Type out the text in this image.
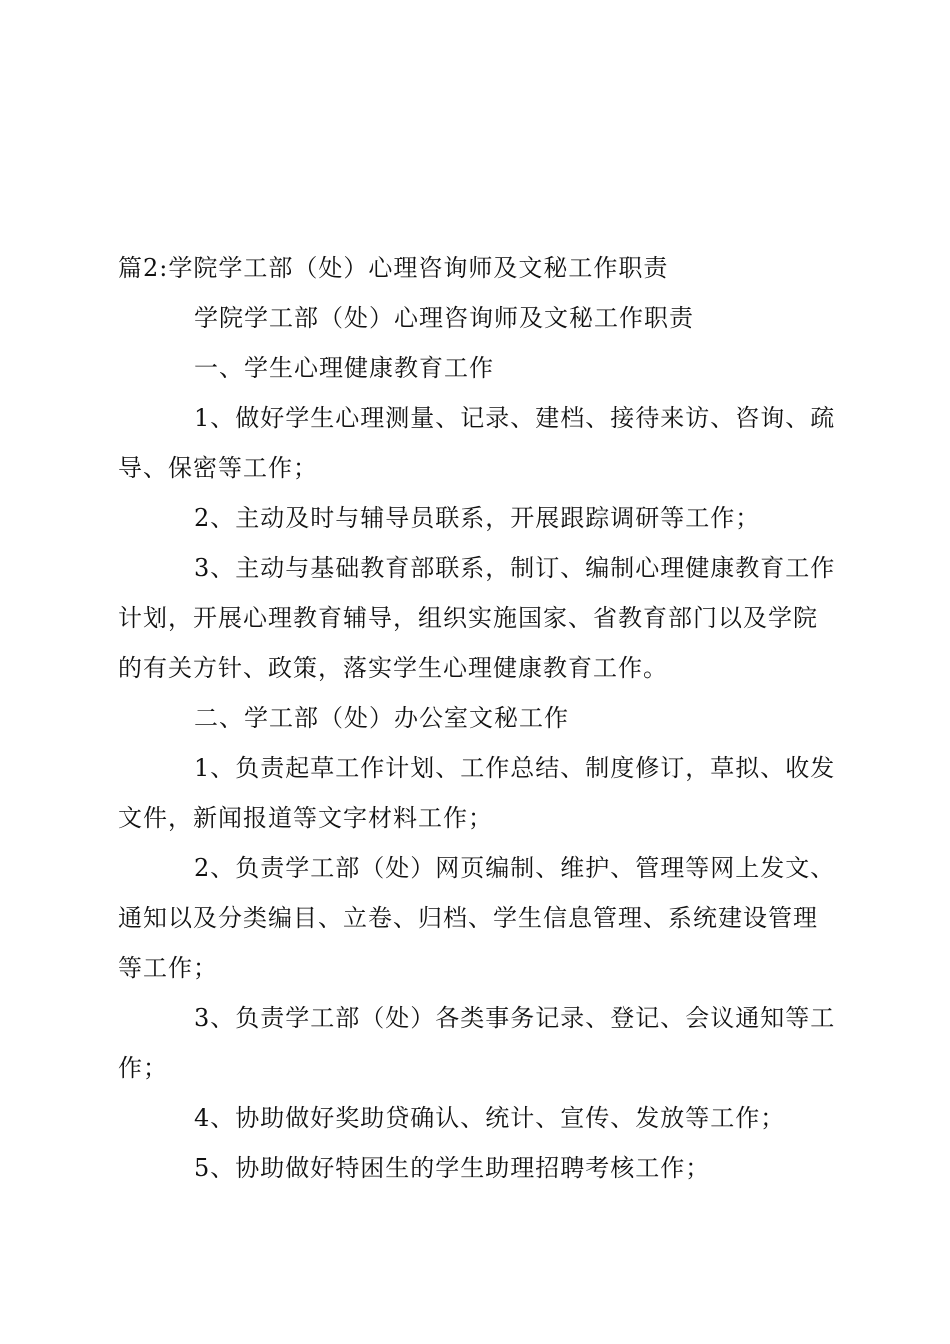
篇2:学院学工部（处）心理咨询师及文秘工作职责

学院学工部（处）心理咨询师及文秘工作职责

一、学生心理健康教育工作

1、做好学生心理测量、记录、建档、接待来访、咨询、疏导、保密等工作；

2、主动及时与辅导员联系，开展跟踪调研等工作；

3、主动与基础教育部联系，制订、编制心理健康教育工作计划，开展心理教育辅导，组织实施国家、省教育部门以及学院的有关方针、政策，落实学生心理健康教育工作。

二、学工部（处）办公室文秘工作

1、负责起草工作计划、工作总结、制度修订，草拟、收发文件，新闻报道等文字材料工作；

2、负责学工部（处）网页编制、维护、管理等网上发文、通知以及分类编目、立卷、归档、学生信息管理、系统建设管理等工作；

3、负责学工部（处）各类事务记录、登记、会议通知等工作；

4、协助做好奖助贷确认、统计、宣传、发放等工作；

5、协助做好特困生的学生助理招聘考核工作；
